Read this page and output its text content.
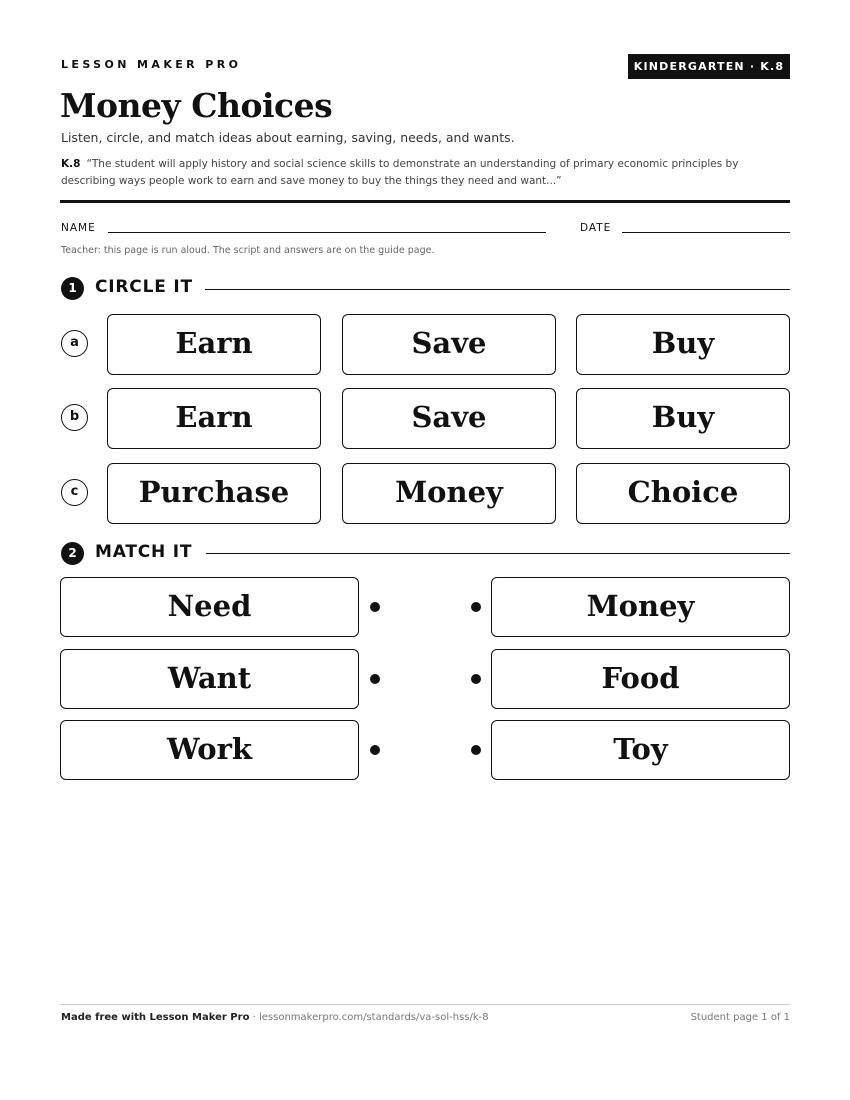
LESSON MAKER PRO	KINDERGARTEN · K.8
Money Choices
Listen, circle, and match ideas about earning, saving, needs, and wants.
K.8 “The student will apply history and social science skills to demonstrate an understanding of primary economic principles by describing ways people work to earn and save money to buy the things they need and want...”
NAME	DATE
Teacher: this page is run aloud. The script and answers are on the guide page.
1	CIRCLE IT
a	Earn	Save	Buy
b	Earn	Save	Buy
c	Purchase	Money	Choice
2	MATCH IT
Need	Money
Want	Food
Work	Toy
Made free with Lesson Maker Pro · lessonmakerpro.com/standards/va-sol-hss/k-8	Student page 1 of 1
